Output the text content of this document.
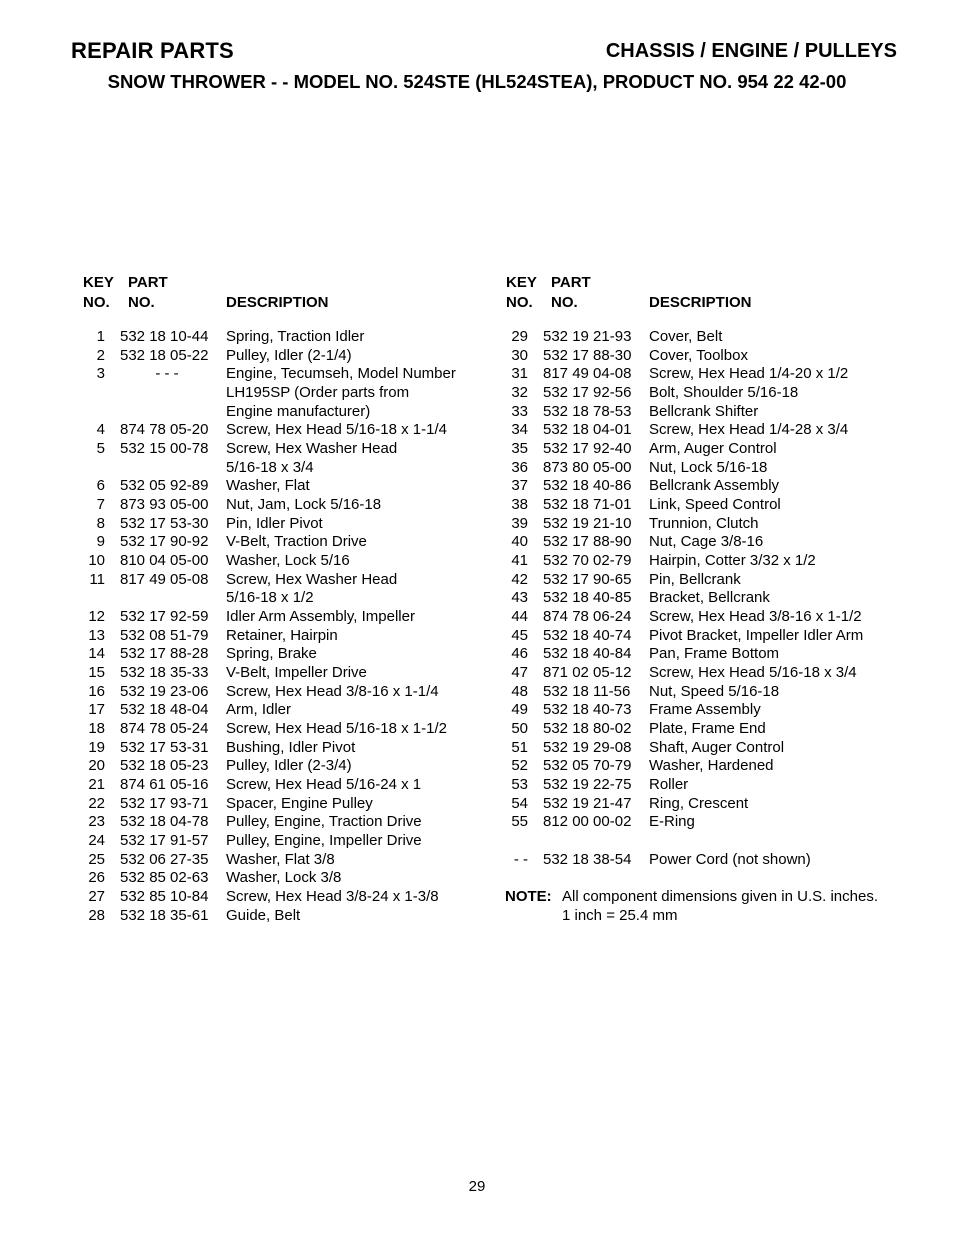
REPAIR PARTS	CHASSIS / ENGINE / PULLEYS
SNOW THROWER - - MODEL NO. 524STE (HL524STEA), PRODUCT NO. 954 22 42-00
KEY
NO.
PART
NO.	DESCRIPTION
1 532 18 10-44	Spring, Traction Idler
2 532 18 05-22	Pulley, Idler (2-1/4)
3	- - -	Engine, Tecumseh, Model Number
LH195SP (Order parts from
Engine manufacturer)
4 874 78 05-20	Screw, Hex Head 5/16-18 x 1-1/4
5 532 15 00-78	Screw, Hex Washer Head
5/16-18 x 3/4
6 532 05 92-89	Washer, Flat
7 873 93 05-00	Nut, Jam, Lock 5/16-18
8 532 17 53-30	Pin, Idler Pivot
9 532 17 90-92	V-Belt, Traction Drive
10 810 04 05-00	Washer, Lock 5/16
11 817 49 05-08	Screw, Hex Washer Head
5/16-18 x 1/2
12 532 17 92-59	Idler Arm Assembly, Impeller
13 532 08 51-79	Retainer, Hairpin
14 532 17 88-28	Spring, Brake
15 532 18 35-33	V-Belt, Impeller Drive
16 532 19 23-06	Screw, Hex Head 3/8-16 x 1-1/4
17 532 18 48-04	Arm, Idler
18 874 78 05-24	Screw, Hex Head 5/16-18 x 1-1/2
19 532 17 53-31	Bushing, Idler Pivot
20 532 18 05-23	Pulley, Idler (2-3/4)
21 874 61 05-16	Screw, Hex Head 5/16-24 x 1
22 532 17 93-71	Spacer, Engine Pulley
23 532 18 04-78	Pulley, Engine, Traction Drive
24 532 17 91-57	Pulley, Engine, Impeller Drive
25 532 06 27-35	Washer, Flat 3/8
26 532 85 02-63	Washer, Lock 3/8
27 532 85 10-84	Screw, Hex Head 3/8-24 x 1-3/8
28 532 18 35-61	Guide, Belt
KEY
NO.
PART
NO.	DESCRIPTION
29 532 19 21-93	Cover, Belt
30 532 17 88-30	Cover, Toolbox
31 817 49 04-08	Screw, Hex Head 1/4-20 x 1/2
32 532 17 92-56	Bolt, Shoulder 5/16-18
33 532 18 78-53	Bellcrank Shifter
34 532 18 04-01	Screw, Hex Head 1/4-28 x 3/4
35 532 17 92-40	Arm, Auger Control
36 873 80 05-00	Nut, Lock 5/16-18
37 532 18 40-86	Bellcrank Assembly
38 532 18 71-01	Link, Speed Control
39 532 19 21-10	Trunnion, Clutch
40 532 17 88-90	Nut, Cage 3/8-16
41 532 70 02-79	Hairpin, Cotter 3/32 x 1/2
42 532 17 90-65	Pin, Bellcrank
43 532 18 40-85	Bracket, Bellcrank
44 874 78 06-24	Screw, Hex Head 3/8-16 x 1-1/2
45 532 18 40-74	Pivot Bracket, Impeller Idler Arm
46 532 18 40-84	Pan, Frame Bottom
47 871 02 05-12	Screw, Hex Head 5/16-18 x 3/4
48 532 18 11-56	Nut, Speed 5/16-18
49 532 18 40-73	Frame Assembly
50 532 18 80-02	Plate, Frame End
51 532 19 29-08	Shaft, Auger Control
52 532 05 70-79	Washer, Hardened
53 532 19 22-75	Roller
54 532 19 21-47	Ring, Crescent
55 812 00 00-02	E-Ring
- - 532 18 38-54	Power Cord (not shown)
NOTE: All component dimensions given in U.S. inches.
1 inch = 25.4 mm
29
